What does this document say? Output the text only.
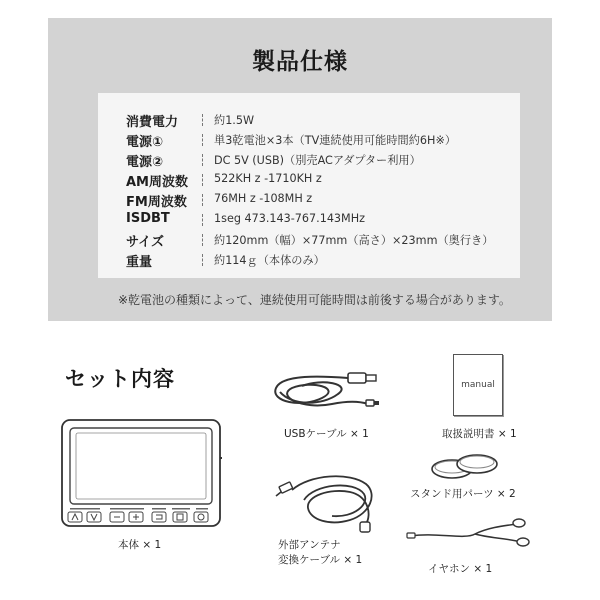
製品仕様
消費電力	約1.5W
電源①	単3乾電池×3本（TV連続使用可能時間約6H※）
電源②	DC 5V (USB)（別売ACアダプター利用）
AM周波数 522KH z -1710KH z
FM周波数 76MH z -108MH z
ISDBT	1seg 473.143-767.143MHz
サイズ	約120mm（幅）×77mm（高さ）×23mm（奥行き）
重量	約114ｇ（本体のみ）
※乾電池の種類によって、連続使用可能時間は前後する場合があります。
セット内容
USBケーブル × 1
manual
取扱説明書 × 1
スタンド用パーツ × 2
本体 × 1	外部アンテナ
変換ケーブル × 1
イヤホン × 1
